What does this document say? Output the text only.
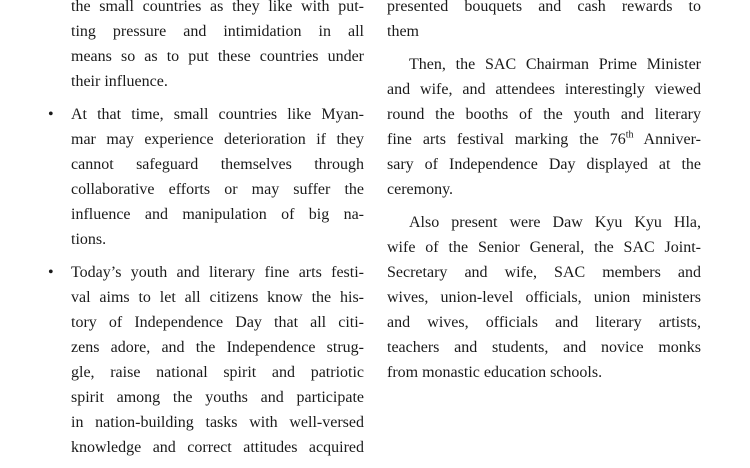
the small countries as they like with put-
ting pressure and intimidation in all
means so as to put these countries under
their influence.
• At that time, small countries like Myan-
mar may experience deterioration if they
cannot safeguard themselves through
collaborative efforts or may suffer the
influence and manipulation of big na-
tions.
• Today’s youth and literary fine arts festi-
val aims to let all citizens know the his-
tory of Independence Day that all citi-
zens adore, and the Independence strug-
gle, raise national spirit and patriotic
spirit among the youths and participate
in nation-building tasks with well-versed
knowledge and correct attitudes acquired
presented bouquets and cash rewards to
them
Then, the SAC Chairman Prime Minister
and wife, and attendees interestingly viewed
round the booths of the youth and literary
fine arts festival marking the 76th Anniver-
sary of Independence Day displayed at the
ceremony.
Also present were Daw Kyu Kyu Hla,
wife of the Senior General, the SAC Joint-
Secretary and wife, SAC members and
wives, union-level officials, union ministers
and wives, officials and literary artists,
teachers and students, and novice monks
from monastic education schools.
